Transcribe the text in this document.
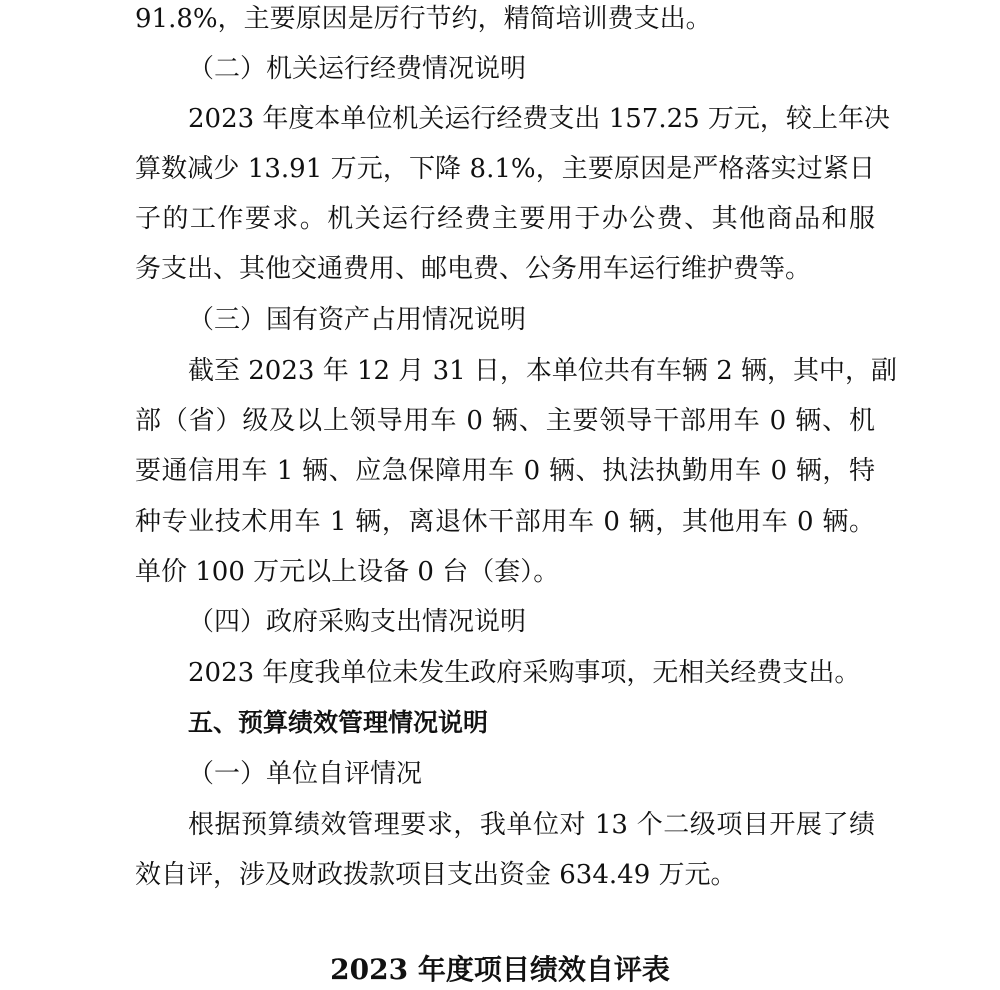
91.8%，主要原因是厉行节约，精简培训费支出。
（二）机关运行经费情况说明
2023 年度本单位机关运行经费支出 157.25 万元，较上年决
算数减少 13.91 万元，下降 8.1%，主要原因是严格落实过紧日
子的工作要求。机关运行经费主要用于办公费、其他商品和服
务支出、其他交通费用、邮电费、公务用车运行维护费等。
（三）国有资产占用情况说明
截至 2023 年 12 月 31 日，本单位共有车辆 2 辆，其中，副
部（省）级及以上领导用车 0 辆、主要领导干部用车 0 辆、机
要通信用车 1 辆、应急保障用车 0 辆、执法执勤用车 0 辆，特
种专业技术用车 1 辆，离退休干部用车 0 辆，其他用车 0 辆。
单价 100 万元以上设备 0 台（套）。
（四）政府采购支出情况说明
2023 年度我单位未发生政府采购事项，无相关经费支出。
五、预算绩效管理情况说明
（一）单位自评情况
根据预算绩效管理要求，我单位对 13 个二级项目开展了绩
效自评，涉及财政拨款项目支出资金 634.49 万元。
2023 年度项目绩效自评表
